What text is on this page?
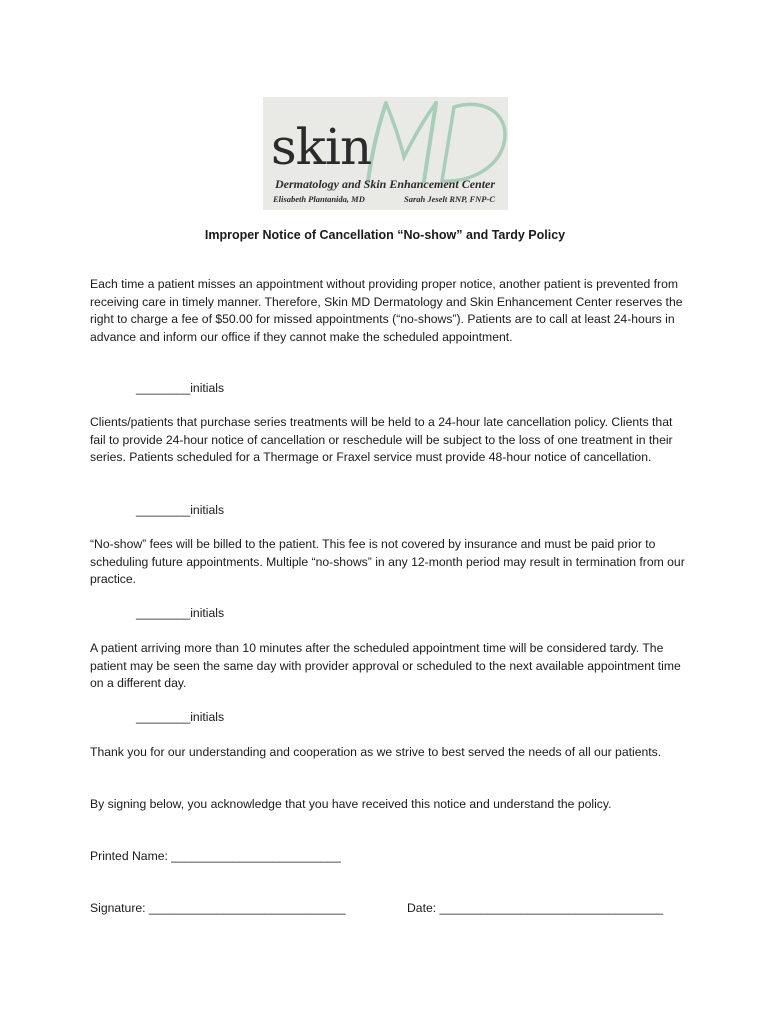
skin
Dermatology and Skin Enhancement Center
Elisabeth Plantanida, MD	Sarah Jeselt RNP, FNP-C
Improper Notice of Cancellation “No-show” and Tardy Policy

Each time a patient misses an appointment without providing proper notice, another patient is prevented from receiving care in timely manner. Therefore, Skin MD Dermatology and Skin Enhancement Center reserves the right to charge a fee of $50.00 for missed appointments (“no-shows”). Patients are to call at least 24-hours in advance and inform our office if they cannot make the scheduled appointment.

________initials

Clients/patients that purchase series treatments will be held to a 24-hour late cancellation policy. Clients that fail to provide 24-hour notice of cancellation or reschedule will be subject to the loss of one treatment in their series. Patients scheduled for a Thermage or Fraxel service must provide 48-hour notice of cancellation.

________initials

“No-show” fees will be billed to the patient. This fee is not covered by insurance and must be paid prior to scheduling future appointments. Multiple “no-shows” in any 12-month period may result in termination from our practice.

________initials

A patient arriving more than 10 minutes after the scheduled appointment time will be considered tardy. The patient may be seen the same day with provider approval or scheduled to the next available appointment time on a different day.

________initials

Thank you for our understanding and cooperation as we strive to best served the needs of all our patients.

By signing below, you acknowledge that you have received this notice and understand the policy.

Printed Name: _________________________
Signature: _____________________________	Date: _________________________________
